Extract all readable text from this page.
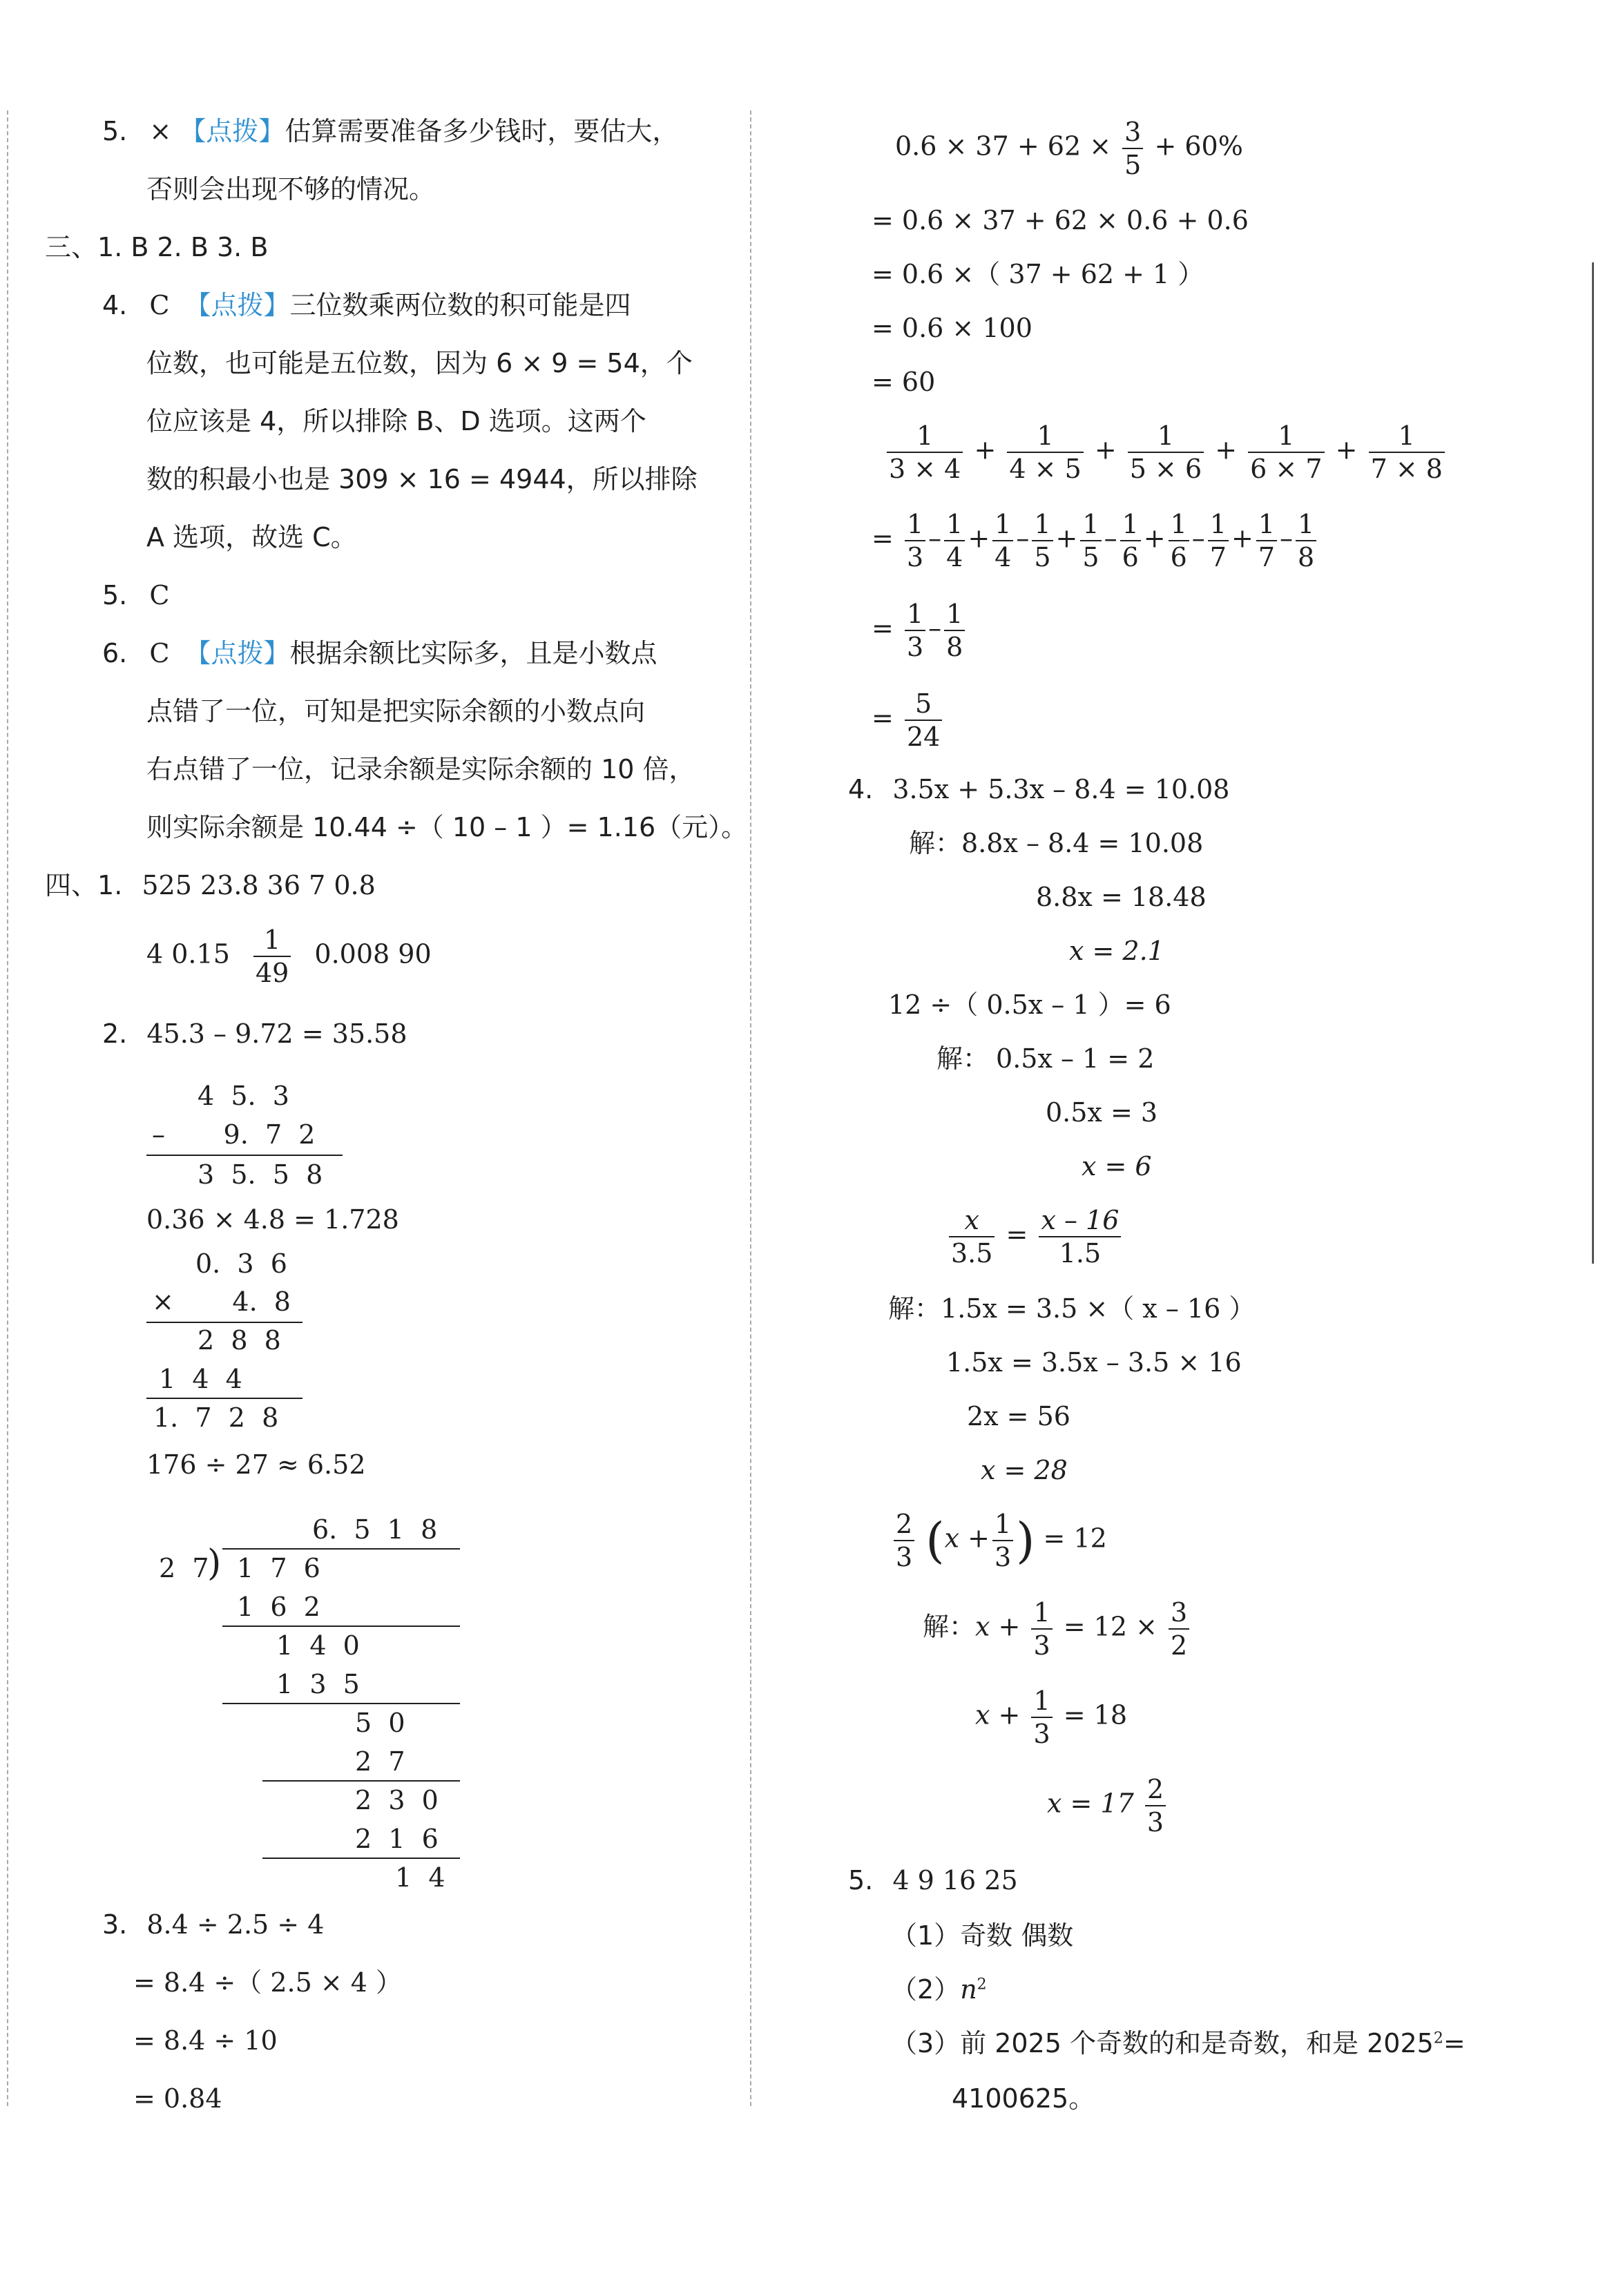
5. × 【点拨】估算需要准备多少钱时，要估大，
否则会出现不够的情况。
三、1. B 2. B 3. B
4. C 【点拨】三位数乘两位数的积可能是四
位数，也可能是五位数，因为 6 × 9 = 54，个
位应该是 4，所以排除 B、D 选项。这两个
数的积最小也是 309 × 16 = 4944，所以排除
A 选项，故选 C。
5. C
6. C 【点拨】根据余额比实际多，且是小数点
点错了一位，可知是把实际余额的小数点向
右点错了一位，记录余额是实际余额的 10 倍，
则实际余额是 10.44 ÷（ 10 – 1 ）= 1.16（元）。
四、1. 525 23.8 36 7 0.8
4 $0.15 \frac{1}{49} 0.008$ 90
2. 45.3 – 9.72 = 35.58
4  5.  3
–       9.  7  2
3  5.  5  8
0.36 × 4.8 = 1.728
0.  3  6
×       4.  8
2  8  8
1  4  4
1.  7  2  8
176 ÷ 27 ≈ 6.52
6.  5  1  8
2  7
) 1  7  6
1  6  2
1  4  0
1  3  5
5  0
2  7
2  3  0
2  1  6
1  4
3. 8.4 ÷ 2.5 ÷ 4
= 8.4 ÷（ 2.5 × 4 ）
= 8.4 ÷ 10
= 0.84
$0.6 \times 37 + 62 \times \frac{3}{5} + 60\%$
= 0.6 × 37 + 62 × 0.6 + 0.6
= 0.6 ×（ 37 + 62 + 1 ）
= 0.6 × 100
= 60
$\frac{1}{3 \times 4} + \frac{1}{4 \times 5} + \frac{1}{5 \times 6} + \frac{1}{6 \times 7} + \frac{1}{7 \times 8}$
= $\frac{1}{3} - \frac{1}{4} + \frac{1}{4} - \frac{1}{5} + \frac{1}{5} - \frac{1}{6} + \frac{1}{6} - \frac{1}{7} + \frac{1}{7} - \frac{1}{8}$
= $\frac{1}{3} - \frac{1}{8}$
= $\frac{5}{24}$
4. 3.5x + 5.3x – 8.4 = 10.08
解：8.8x – 8.4 = 10.08
8.8x = 18.48
x = 2.1
12 ÷（ 0.5x – 1 ）= 6
解： 0.5x – 1 = 2
0.5x = 3
x = 6
$\frac{x}{3.5} = \frac{x - 16}{1.5}$
解：1.5x = 3.5 ×（ x – 16 ）
1.5x = 3.5x – 3.5 × 16
2x = 56
x = 28
$\frac{2}{3} (x + \frac{1}{3}$ ) = 12
解：$x + \frac{1}{3} = 12 \times \frac{3}{2}$
$x + \frac{1}{3} = 18$
$x = 17 \frac{2}{3}$
5. 4 9 16 25
（1）奇数 偶数
$(2)n^2$
（3）前 2025 个奇数的和是奇数，和是 $2025^2=$
4100625。
